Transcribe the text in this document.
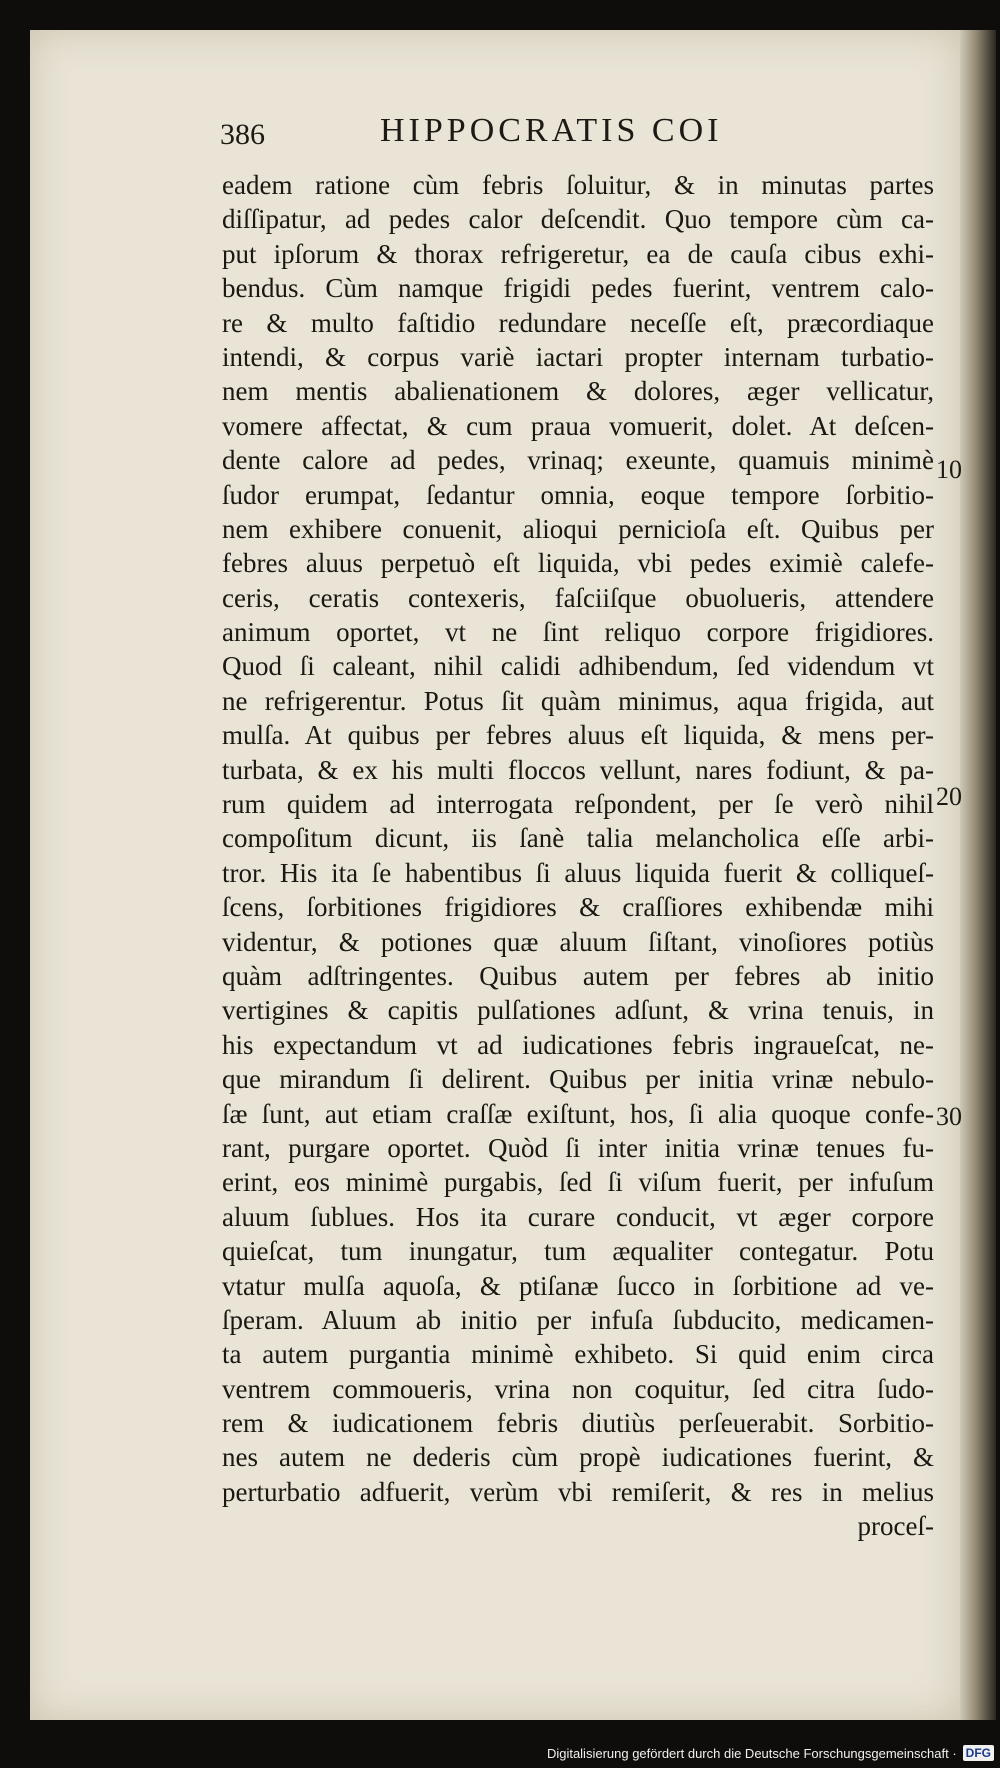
386	HIPPOCRATIS COI
eadem ratione cùm febris ſoluitur, & in minutas partes
diſſipatur, ad pedes calor deſcendit. Quo tempore cùm ca-
put ipſorum & thorax refrigeretur, ea de cauſa cibus exhi-
bendus. Cùm namque frigidi pedes fuerint, ventrem calo-
re & multo faſtidio redundare neceſſe eſt, præcordiaque
intendi, & corpus variè iactari propter internam turbatio-
nem mentis abalienationem & dolores, æger vellicatur,
vomere affectat, & cum praua vomuerit, dolet. At deſcen-
dente calore ad pedes, vrinaq; exeunte, quamuis minimè
ſudor erumpat, ſedantur omnia, eoque tempore ſorbitio-
nem exhibere conuenit, alioqui pernicioſa eſt. Quibus per
febres aluus perpetuò eſt liquida, vbi pedes eximiè calefe-
ceris, ceratis contexeris, faſciiſque obuolueris, attendere
animum oportet, vt ne ſint reliquo corpore frigidiores.
Quod ſi caleant, nihil calidi adhibendum, ſed videndum vt
ne refrigerentur. Potus ſit quàm minimus, aqua frigida, aut
mulſa. At quibus per febres aluus eſt liquida, & mens per-
turbata, & ex his multi floccos vellunt, nares fodiunt, & pa-
rum quidem ad interrogata reſpondent, per ſe verò nihil
compoſitum dicunt, iis ſanè talia melancholica eſſe arbi-
tror. His ita ſe habentibus ſi aluus liquida fuerit & colliqueſ-
ſcens, ſorbitiones frigidiores & craſſiores exhibendæ mihi
videntur, & potiones quæ aluum ſiſtant, vinoſiores potiùs
quàm adſtringentes. Quibus autem per febres ab initio
vertigines & capitis pulſationes adſunt, & vrina tenuis, in
his expectandum vt ad iudicationes febris ingraueſcat, ne-
que mirandum ſi delirent. Quibus per initia vrinæ nebulo-
ſæ ſunt, aut etiam craſſæ exiſtunt, hos, ſi alia quoque confe-
rant, purgare oportet. Quòd ſi inter initia vrinæ tenues fu-
erint, eos minimè purgabis, ſed ſi viſum fuerit, per infuſum
aluum ſublues. Hos ita curare conducit, vt æger corpore
quieſcat, tum inungatur, tum æqualiter contegatur. Potu
vtatur mulſa aquoſa, & ptiſanæ ſucco in ſorbitione ad ve-
ſperam. Aluum ab initio per infuſa ſubducito, medicamen-
ta autem purgantia minimè exhibeto. Si quid enim circa
ventrem commoueris, vrina non coquitur, ſed citra ſudo-
rem & iudicationem febris diutiùs perſeuerabit. Sorbitio-
nes autem ne dederis cùm propè iudicationes fuerint, &
perturbatio adfuerit, verùm vbi remiſerit, & res in melius
proceſ-
10
20
30
Digitalisierung gefördert durch die Deutsche Forschungsgemeinschaft · DFG
